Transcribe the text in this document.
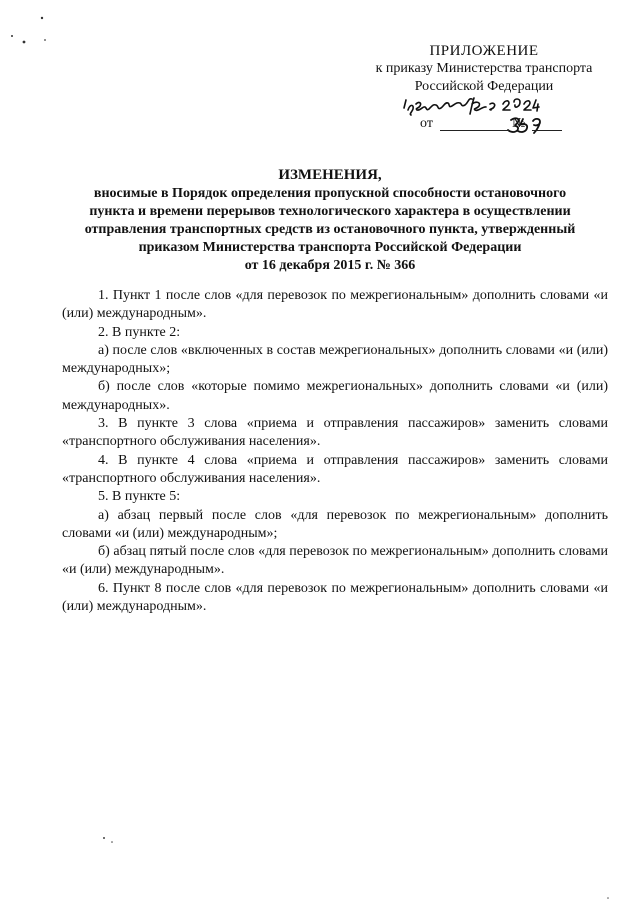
ПРИЛОЖЕНИЕ
к приказу Министерства транспорта
Российской Федерации
от	№
ИЗМЕНЕНИЯ,
вносимые в Порядок определения пропускной способности остановочного
пункта и времени перерывов технологического характера в осуществлении
отправления транспортных средств из остановочного пункта, утвержденный
приказом Министерства транспорта Российской Федерации
от 16 декабря 2015 г. № 366

1. Пункт 1 после слов «для перевозок по межрегиональным» дополнить словами «и (или) международным».

2. В пункте 2:

а) после слов «включенных в состав межрегиональных» дополнить словами «и (или) международных»;

б) после слов «которые помимо межрегиональных» дополнить словами «и (или) международных».

3. В пункте 3 слова «приема и отправления пассажиров» заменить словами «транспортного обслуживания населения».

4. В пункте 4 слова «приема и отправления пассажиров» заменить словами «транспортного обслуживания населения».

5. В пункте 5:

а) абзац первый после слов «для перевозок по межрегиональным» дополнить словами «и (или) международным»;

б) абзац пятый после слов «для перевозок по межрегиональным» дополнить словами «и (или) международным».

6. Пункт 8 после слов «для перевозок по межрегиональным» дополнить словами «и (или) международным».
